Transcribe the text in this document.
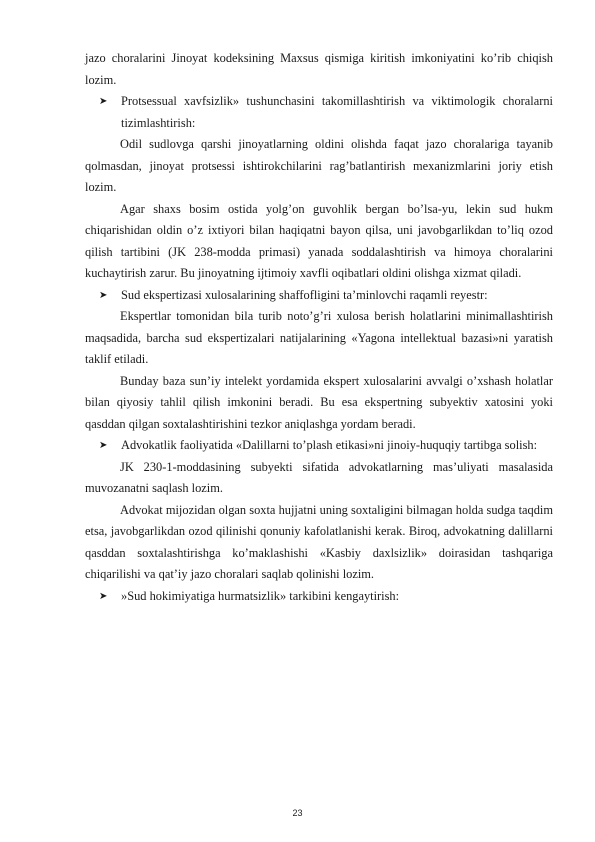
jazo choralarini Jinoyat kodeksining Maxsus qismiga kiritish imkoniyatini ko’rib chiqish lozim.

➤ Protsessual xavfsizlik» tushunchasini takomillashtirish va viktimologik choralarni tizimlashtirish:

Odil sudlovga qarshi jinoyatlarning oldini olishda faqat jazo choralariga tayanib qolmasdan, jinoyat protsessi ishtirokchilarini rag’batlantirish mexanizmlarini joriy etish lozim.

Agar shaxs bosim ostida yolg’on guvohlik bergan bo’lsa-yu, lekin sud hukm chiqarishidan oldin o’z ixtiyori bilan haqiqatni bayon qilsa, uni javobgarlikdan to’liq ozod qilish tartibini (JK 238-modda primasi) yanada soddalashtirish va himoya choralarini kuchaytirish zarur. Bu jinoyatning ijtimoiy xavfli oqibatlari oldini olishga xizmat qiladi.

➤ Sud ekspertizasi xulosalarining shaffofligini ta’minlovchi raqamli reyestr:

Ekspertlar tomonidan bila turib noto’g’ri xulosa berish holatlarini minimallashtirish maqsadida, barcha sud ekspertizalari natijalarining «Yagona intellektual bazasi»ni yaratish taklif etiladi.

Bunday baza sun’iy intelekt yordamida ekspert xulosalarini avvalgi o’xshash holatlar bilan qiyosiy tahlil qilish imkonini beradi. Bu esa ekspertning subyektiv xatosini yoki qasddan qilgan soxtalashtirishini tezkor aniqlashga yordam beradi.

➤ Advokatlik faoliyatida «Dalillarni to’plash etikasi»ni jinoiy-huquqiy tartibga solish:

JK 230-1-moddasining subyekti sifatida advokatlarning mas’uliyati masalasida muvozanatni saqlash lozim.

Advokat mijozidan olgan soxta hujjatni uning soxtaligini bilmagan holda sudga taqdim etsa, javobgarlikdan ozod qilinishi qonuniy kafolatlanishi kerak. Biroq, advokatning dalillarni qasddan soxtalashtirishga ko’maklashishi «Kasbiy daxlsizlik» doirasidan tashqariga chiqarilishi va qat’iy jazo choralari saqlab qolinishi lozim.

➤ »Sud hokimiyatiga hurmatsizlik» tarkibini kengaytirish:
23
